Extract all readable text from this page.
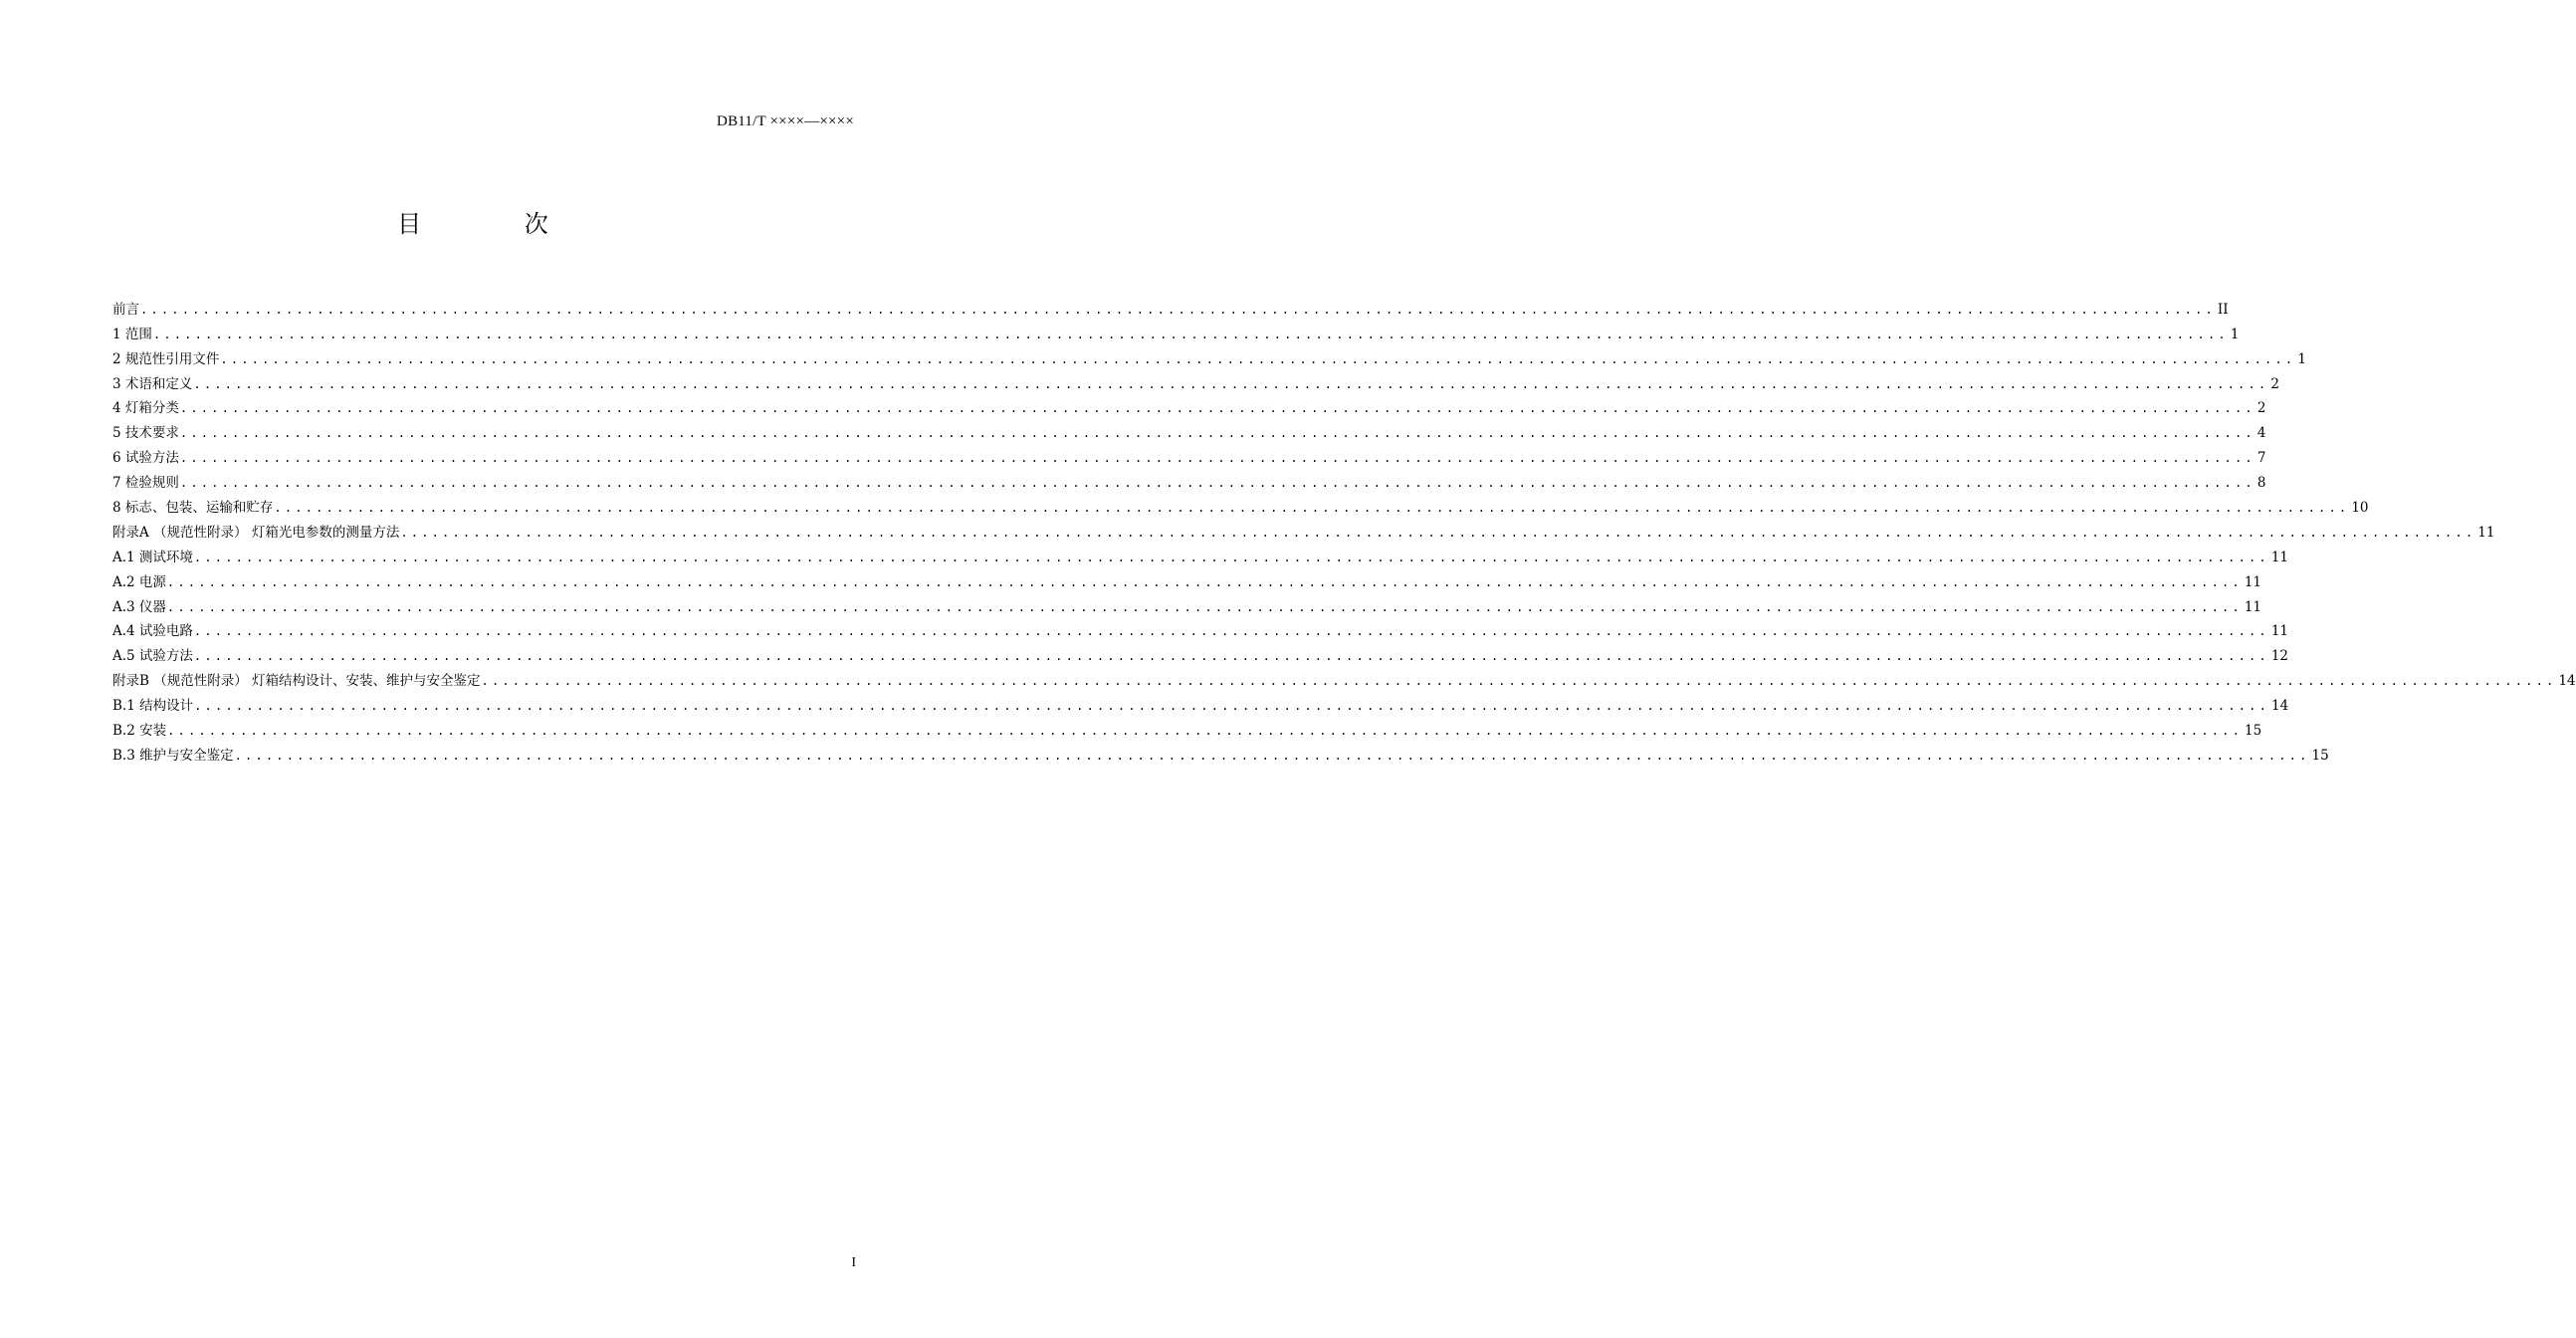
DB11/T ××××—××××
目 次
前言 ........................................................................................................................................................................................................ II
1 范围 ........................................................................................................................................................................................................ 1
2 规范性引用文件 ........................................................................................................................................................................................................ 1
3 术语和定义 ........................................................................................................................................................................................................ 2
4 灯箱分类 ........................................................................................................................................................................................................ 2
5 技术要求 ........................................................................................................................................................................................................ 4
6 试验方法 ........................................................................................................................................................................................................ 7
7 检验规则 ........................................................................................................................................................................................................ 8
8 标志、包装、运输和贮存 ........................................................................................................................................................................................................ 10
附录A （规范性附录） 灯箱光电参数的测量方法 ........................................................................................................................................................................................................ 11
A.1 测试环境 ........................................................................................................................................................................................................ 11
A.2 电源 ........................................................................................................................................................................................................ 11
A.3 仪器 ........................................................................................................................................................................................................ 11
A.4 试验电路 ........................................................................................................................................................................................................ 11
A.5 试验方法 ........................................................................................................................................................................................................ 12
附录B （规范性附录） 灯箱结构设计、安装、维护与安全鉴定 ........................................................................................................................................................................................................ 14
B.1 结构设计 ........................................................................................................................................................................................................ 14
B.2 安装 ........................................................................................................................................................................................................ 15
B.3 维护与安全鉴定 ........................................................................................................................................................................................................ 15
I
